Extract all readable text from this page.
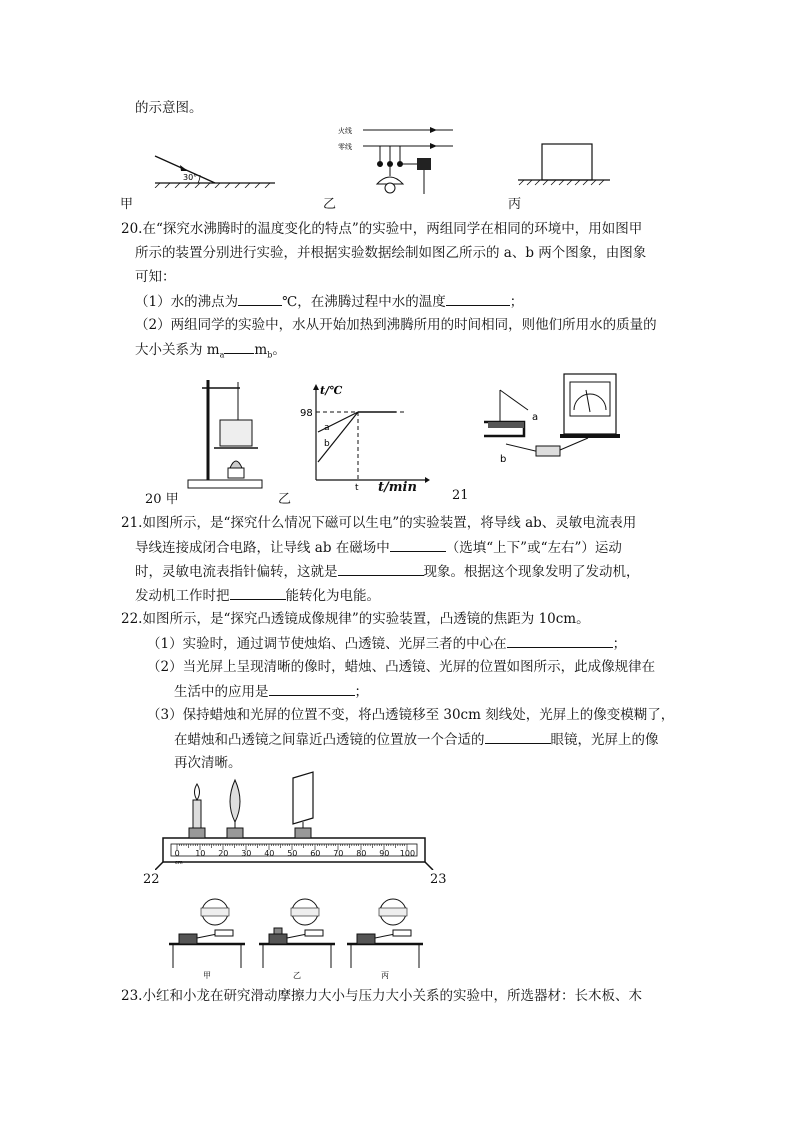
的示意图。
30°
甲
火线
零线
乙	丙
20.在“探究水沸腾时的温度变化的特点”的实验中，两组同学在相同的环境中，用如图甲
所示的装置分别进行实验，并根据实验数据绘制如图乙所示的 a、b 两个图象，由图象
可知：
（1）水的沸点为	℃，在沸腾过程中水的温度	；
（2）两组同学的实验中，水从开始加热到沸腾所用的时间相同，则他们所用水的质量的
大小关系为 $m_a$ $m_b$。
20 甲
98
t/℃
a
b
t t/min
乙
a
b
21
21.如图所示，是“探究什么情况下磁可以生电”的实验装置，将导线 ab、灵敏电流表用
导线连接成闭合电路，让导线 ab 在磁场中	（选填“上下”或“左右”）运动
时，灵敏电流表指针偏转，这就是	现象。根据这个现象发明了发动机，
发动机工作时把	能转化为电能。
22.如图所示，是“探究凸透镜成像规律”的实验装置，凸透镜的焦距为 10cm。
（1）实验时，通过调节使烛焰、凸透镜、光屏三者的中心在	；
（2）当光屏上呈现清晰的像时，蜡烛、凸透镜、光屏的位置如图所示，此成像规律在
生活中的应用是	；
（3）保持蜡烛和光屏的位置不变，将凸透镜移至 30cm 刻线处，光屏上的像变模糊了，
在蜡烛和凸透镜之间靠近凸透镜的位置放一个合适的	眼镜，光屏上的像
再次清晰。
0 10 20 30 40 50 60 70 80 90 100
cm
22	23
甲	乙	丙
23.小红和小龙在研究滑动摩擦力大小与压力大小关系的实验中，所选器材：长木板、木
